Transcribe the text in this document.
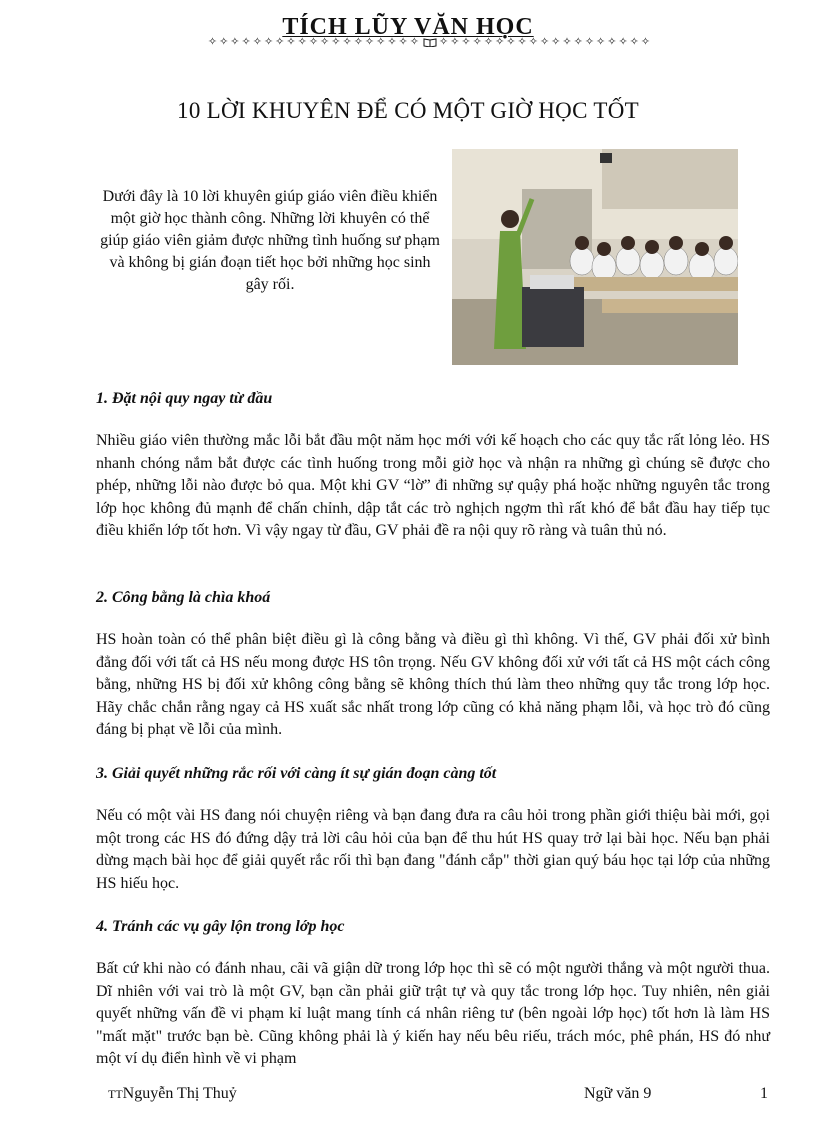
TÍCH LŨY VĂN HỌC
✧✧✧✧✧✧✧✧✧✧✧✧✧✧✧✧✧✧✧ ✧✧✧✧✧✧✧✧✧✧✧✧✧✧✧✧✧✧✧
10 LỜI KHUYÊN ĐỂ CÓ MỘT GIỜ HỌC TỐT
Dưới đây là 10 lời khuyên giúp giáo viên điều khiển một giờ học thành công. Những lời khuyên có thể giúp giáo viên giảm được những tình huống sư phạm và không bị gián đoạn tiết học bởi những học sinh gây rối.
1. Đặt nội quy ngay từ đầu

Nhiều giáo viên thường mắc lỗi bắt đầu một năm học mới với kế hoạch cho các quy tắc rất lỏng lẻo. HS nhanh chóng nắm bắt được các tình huống trong mỗi giờ học và nhận ra những gì chúng sẽ được cho phép, những lỗi nào được bỏ qua. Một khi GV “lờ” đi những sự quậy phá hoặc những nguyên tắc trong lớp học không đủ mạnh để chấn chỉnh, dập tắt các trò nghịch ngợm thì rất khó để bắt đầu hay tiếp tục điều khiển lớp tốt hơn. Vì vậy ngay từ đầu, GV phải đề ra nội quy rõ ràng và tuân thủ nó.

2. Công bằng là chìa khoá

HS hoàn toàn có thể phân biệt điều gì là công bằng và điều gì thì không. Vì thế, GV phải đối xử bình đẳng đối với tất cả HS nếu mong được HS tôn trọng. Nếu GV không đối xử với tất cả HS một cách công bằng, những HS bị đối xử không công bằng sẽ không thích thú làm theo những quy tắc trong lớp học. Hãy chắc chắn rằng ngay cả HS xuất sắc nhất trong lớp cũng có khả năng phạm lỗi, và học trò đó cũng đáng bị phạt về lỗi của mình.

3. Giải quyết những rắc rối với càng ít sự gián đoạn càng tốt

Nếu có một vài HS đang nói chuyện riêng và bạn đang đưa ra câu hỏi trong phần giới thiệu bài mới, gọi một trong các HS đó đứng dậy trả lời câu hỏi của bạn để thu hút HS quay trở lại bài học. Nếu bạn phải dừng mạch bài học để giải quyết rắc rối thì bạn đang "đánh cắp" thời gian quý báu học tại lớp của những HS hiếu học.

4. Tránh các vụ gây lộn trong lớp học

Bất cứ khi nào có đánh nhau, cãi vã giận dữ trong lớp học thì sẽ có một người thắng và một người thua. Dĩ nhiên với vai trò là một GV, bạn cần phải giữ trật tự và quy tắc trong lớp học. Tuy nhiên, nên giải quyết những vấn đề vi phạm kỉ luật mang tính cá nhân riêng tư (bên ngoài lớp học) tốt hơn là làm HS "mất mặt" trước bạn bè. Cũng không phải là ý kiến hay nếu bêu riếu, trách móc, phê phán, HS đó như một ví dụ điển hình về vi phạm

TTNguyễn Thị Thuỷ	Ngữ văn 9	1
